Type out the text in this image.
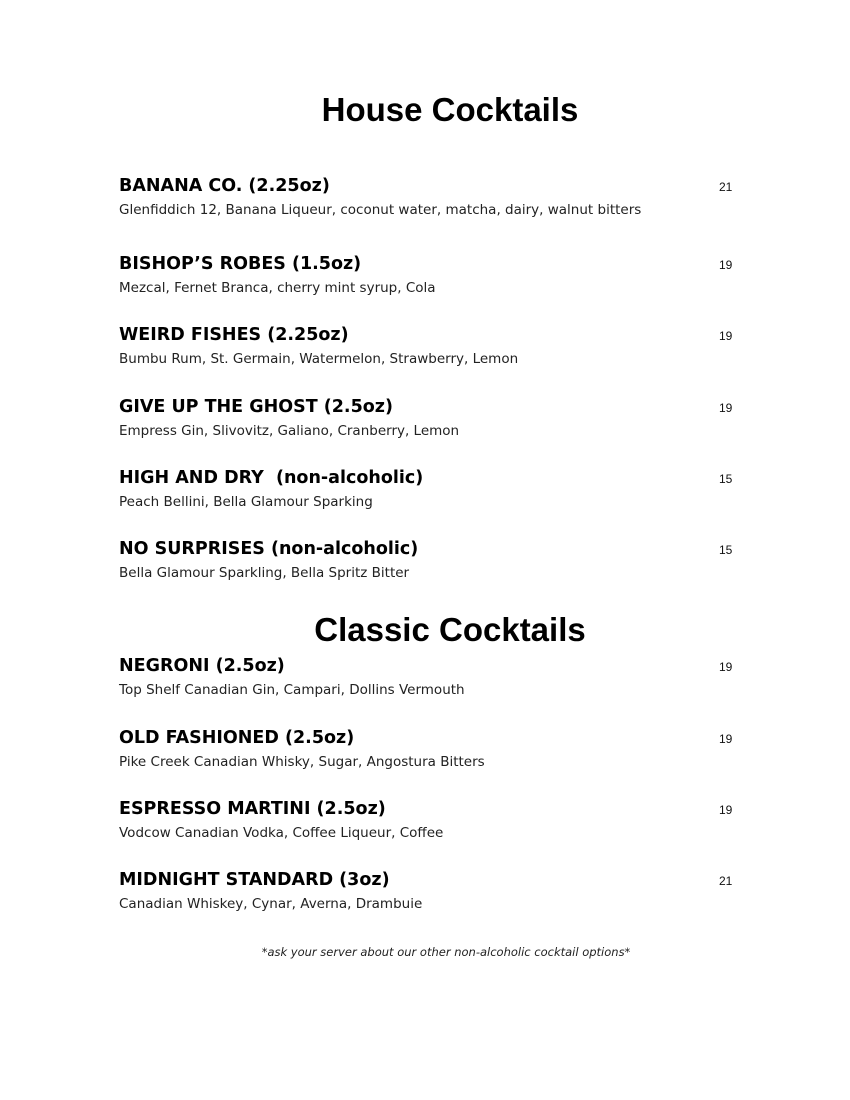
House Cocktails
BANANA CO. (2.25oz)	21
Glenfiddich 12, Banana Liqueur, coconut water, matcha, dairy, walnut bitters
BISHOP’S ROBES (1.5oz)	19
Mezcal, Fernet Branca, cherry mint syrup, Cola
WEIRD FISHES (2.25oz)	19
Bumbu Rum, St. Germain, Watermelon, Strawberry, Lemon
GIVE UP THE GHOST (2.5oz)	19
Empress Gin, Slivovitz, Galiano, Cranberry, Lemon
HIGH AND DRY  (non-alcoholic)	15
Peach Bellini, Bella Glamour Sparking
NO SURPRISES (non-alcoholic)	15
Bella Glamour Sparkling, Bella Spritz Bitter
Classic Cocktails
NEGRONI (2.5oz)	19
Top Shelf Canadian Gin, Campari, Dollins Vermouth
OLD FASHIONED (2.5oz)	19
Pike Creek Canadian Whisky, Sugar, Angostura Bitters
ESPRESSO MARTINI (2.5oz)	19
Vodcow Canadian Vodka, Coffee Liqueur, Coffee
MIDNIGHT STANDARD (3oz)	21
Canadian Whiskey, Cynar, Averna, Drambuie
*ask your server about our other non-alcoholic cocktail options*
